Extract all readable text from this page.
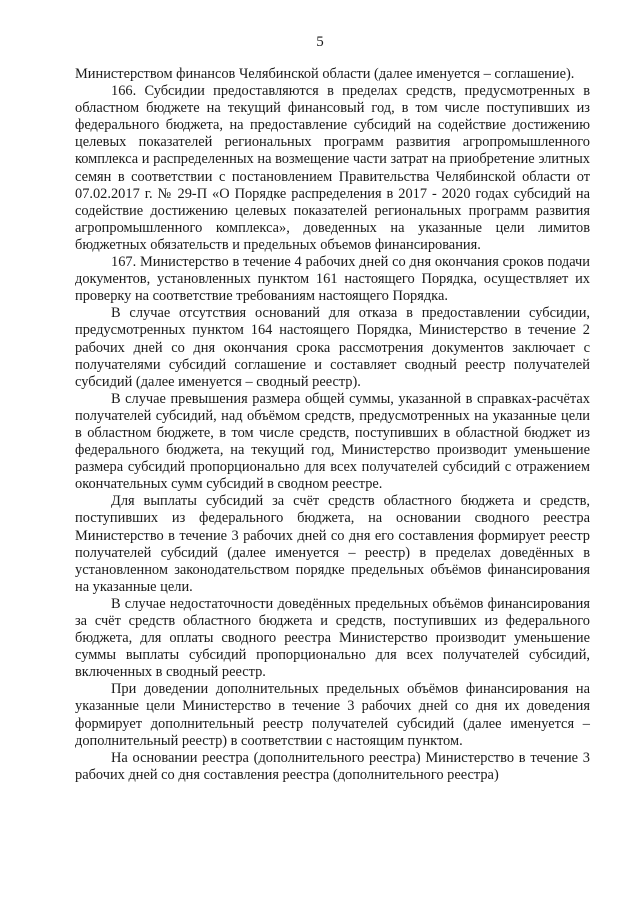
5

Министерством финансов Челябинской области (далее именуется – соглашение).

166. Субсидии предоставляются в пределах средств, предусмотренных в областном бюджете на текущий финансовый год, в том числе поступивших из федерального бюджета, на предоставление субсидий на содействие достижению целевых показателей региональных программ развития агропромышленного комплекса и распределенных на возмещение части затрат на приобретение элитных семян в соответствии с постановлением Правительства Челябинской области от 07.02.2017 г. № 29-П «О Порядке распределения в 2017 - 2020 годах субсидий на содействие достижению целевых показателей региональных программ развития агропромышленного комплекса», доведенных на указанные цели лимитов бюджетных обязательств и предельных объемов финансирования.

167. Министерство в течение 4 рабочих дней со дня окончания сроков подачи документов, установленных пунктом 161 настоящего Порядка, осуществляет их проверку на соответствие требованиям настоящего Порядка.

В случае отсутствия оснований для отказа в предоставлении субсидии, предусмотренных пунктом 164 настоящего Порядка, Министерство в течение 2 рабочих дней со дня окончания срока рассмотрения документов заключает с получателями субсидий соглашение и составляет сводный реестр получателей субсидий (далее именуется – сводный реестр).

В случае превышения размера общей суммы, указанной в справках-расчётах получателей субсидий, над объёмом средств, предусмотренных на указанные цели в областном бюджете, в том числе средств, поступивших в областной бюджет из федерального бюджета, на текущий год, Министерство производит уменьшение размера субсидий пропорционально для всех получателей субсидий с отражением окончательных сумм субсидий в сводном реестре.

Для выплаты субсидий за счёт средств областного бюджета и средств, поступивших из федерального бюджета, на основании сводного реестра Министерство в течение 3 рабочих дней со дня его составления формирует реестр получателей субсидий (далее именуется – реестр) в пределах доведённых в установленном законодательством порядке предельных объёмов финансирования на указанные цели.

В случае недостаточности доведённых предельных объёмов финансирования за счёт средств областного бюджета и средств, поступивших из федерального бюджета, для оплаты сводного реестра Министерство производит уменьшение суммы выплаты субсидий пропорционально для всех получателей субсидий, включенных в сводный реестр.

При доведении дополнительных предельных объёмов финансирования на указанные цели Министерство в течение 3 рабочих дней со дня их доведения формирует дополнительный реестр получателей субсидий (далее именуется – дополнительный реестр) в соответствии с настоящим пунктом.

На основании реестра (дополнительного реестра) Министерство в течение 3 рабочих дней со дня составления реестра (дополнительного реестра)
